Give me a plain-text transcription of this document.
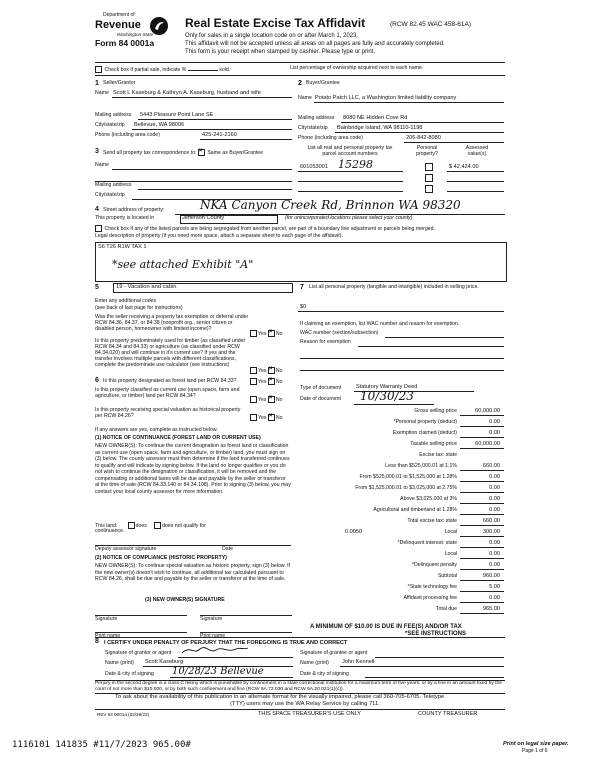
Department of
Revenue
Washington State
Form 84 0001a
Real Estate Excise Tax Affidavit	(RCW 82.45 WAC 458-61A)
Only for sales in a single location code on or after March 1, 2023.
This affidavit will not be accepted unless all areas on all pages are fully and accurately completed.
This form is your receipt when stamped by cashier. Please type or print.
Check box if partial sale, indicate %	sold.	List percentage of ownership acquired next to each name.
1 Seller/Grantor
Name Scott L Kaseburg & Kathryn A. Kaseburg, husband and wife
Mailing address 5443 Pleasure Point Lane SE
City/state/zip Bellevue, WA 98006
Phone (including area code)	425-241-2160
2 Buyer/Grantee
Name Potato Patch LLC, a Washington limited liability company
Mailing address 8080 NE Hidden Cove Rd
City/state/zip Bainbridge Island, WA 98110-1198
Phone (including area code)	206-842-8080
3 Send all property tax correspondence to: × Same as Buyer/Grantee
Name
Mailing address
City/state/zip
List all real and personal property tax parcel account numbers
Personal property?
Assessed value(s)
601053001 15298	$ 42,424.00
4 Street address of property:	NKA Canyon Creek Rd, Brinnon WA 98320
This property is located in	Jefferson County	(for unincorporated locations please select your county)
Check box if any of the listed parcels are being segregated from another parcel, are part of a boundary line adjustment or parcels being merged.
Legal description of property (if you need more space, attach a separate sheet to each page of the affidavit).
S6 T26 R1W TAX 1
*see attached Exhibit "A"
5	19 - Vacation and cabin
Enter any additional codes
(see back of last page for instructions)
Was the seller receiving a property tax exemption or deferral under RCW 84.36, 84.37, or 84.38 (nonprofit org., senior citizen or disabled person, homeowner with limited income)?
Yes × No
Is this property predominately used for timber (as classified under RCW 84.34 and 84.33) or agriculture (as classified under RCW 84.34.020) and will continue in it's current use? If yes and the transfer involves multiple parcels with different classifications, complete the predominate use calculator (see instructions)
Yes × No
6 Is this property designated as forest land per RCW 84.33?	Yes × No
Is this property classified as current use (open space, farm and agriculture, or timber) land per RCW 84.34?
Yes × No
Is this property receiving special valuation as historical property per RCW 84.26?	Yes × No
If any answers are yes, complete as instructed below.
(1) NOTICE OF CONTINUANCE (FOREST LAND OR CURRENT USE)
NEW OWNER(S): To continue the current designation as forest land or classification as current use (open space, farm and agriculture, or timber) land, you must sign on (3) below. The county assessor must then determine if the land transferred continues to qualify and will indicate by signing below. If the land no longer qualifies or you do not wish to continue the designation or classification, it will be removed and the compensating or additional taxes will be due and payable by the seller or transferor at the time of sale (RCW 84.33.140 or 84.34.108). Prior to signing (3) below, you may contact your local county assessor for more information.
This land:	does	does not qualify for
continuance.
Deputy assessor signature	Date
(2) NOTICE OF COMPLIANCE (HISTORIC PROPERTY)
NEW OWNER(S): To continue special valuation as historic property, sign (3) below. If the new owner(s) doesn't wish to continue, all additional tax calculated pursuant to RCW 84.26, shall be due and payable by the seller or transferor at the time of sale.
(3) NEW OWNER(S) SIGNATURE
Signature	Signature
Print name	Print name
7 List all personal property (tangible and intangible) included in selling price.
$0
If claiming an exemption, list WAC number and reason for exemption.
WAC number (section/subsection)
Reason for exemption
Type of document	Statutory Warranty Deed
Date of document 10/30/23
Gross selling price	60,000.00
*Personal property (deduct)	0.00
Exemption claimed (deduct)	0.00
Taxable selling price	60,000.00
Excise tax: state
Less than $525,000.01 at 1.1%	660.00
From $525,000.01 to $1,525,000 at 1.28%	0.00
From $1,525,000.01 to $3,025,000 at 2.75%	0.00
Above $3,025,000 at 3%	0.00
Agricultural and timberland at 1.28%	0.00
Total excise tax: state	660.00
Local	300.00
*Delinquent interest: state	0.00
Local	0.00
*Delinquent penalty	0.00
Subtotal	960.00
*State technology fee	5.00
Affidavit processing fee	0.00
Total due	965.00
0.0050
A MINIMUM OF $10.00 IS DUE IN FEE(S) AND/OR TAX
*SEE INSTRUCTIONS
8 I CERTIFY UNDER PENALTY OF PERJURY THAT THE FOREGOING IS TRUE AND CORRECT
Signature of grantor or agent
Name (print) Scott Kaseburg
Date & city of signing 10/28/23 Bellevue
Signature of grantee or agent
Name (print) John Kennell
Date & city of signing
Perjury in the second degree is a class C felony which is punishable by confinement in a state correctional institution for a maximum term of five years, or by a fine in an amount fixed by the court of not more than $10,000, or by both such confinement and fine (RCW 9A.72.030 and RCW 9A.20.021(1)(c)).
To ask about the availability of this publication in an alternate format for the visually impaired, please call 360-705-6705. Teletype
(TTY) users may use the WA Relay Service by calling 711.
REV 84 0001a (02/28/23)	THIS SPACE TREASURER'S USE ONLY	COUNTY TREASURER
1116101 141835 #11/7/2023 965.00#	Print on legal size paper.
Page 1 of 6
